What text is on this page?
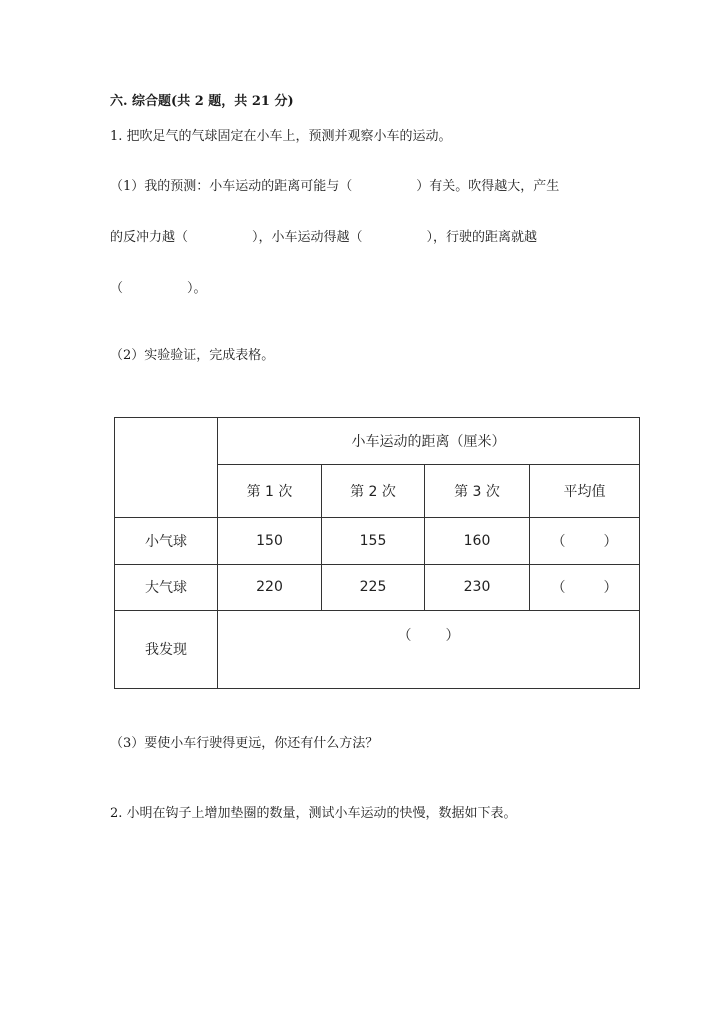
六. 综合题(共 2 题，共 21 分)
1. 把吹足气的气球固定在小车上，预测并观察小车的运动。
（1）我的预测：小车运动的距离可能与（	）有关。吹得越大，产生
的反冲力越（	），小车运动得越（	），行驶的距离就越
（	）。
（2）实验验证，完成表格。
	小车运动的距离（厘米）			
	第 1 次	第 2 次	第 3 次	平均值
小气球	150	155	160	（ ）

大气球	220	225	230	（ ）

我发现	（ ）			
（3）要使小车行驶得更远，你还有什么方法？
2. 小明在钩子上增加垫圈的数量，测试小车运动的快慢，数据如下表。
